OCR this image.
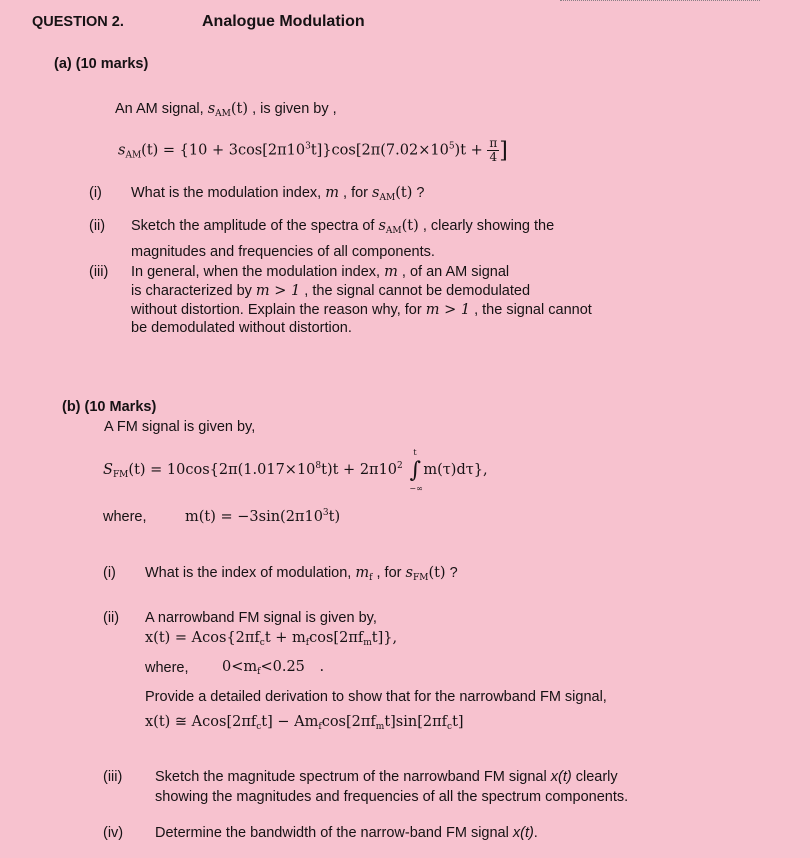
QUESTION 2.	Analogue Modulation
(a) (10 marks)
An AM signal, $s_{AM}(t)$ , is given by ,
$s_{AM}(t) = \{10 + 3\cos[2\pi 10^3t]\}\cos[2\pi(7.02\times 10^5)t + \frac{\pi}{4}$ ]
(i) What is the modulation index, m , for $s_{AM}(t)$ ?
(ii) Sketch the amplitude of the spectra of $s_{AM}(t)$ , clearly showing the
magnitudes and frequencies of all components.
(iii) In general, when the modulation index, m , of an AM signal
is characterized by m > 1 , the signal cannot be demodulated
without distortion. Explain the reason why, for m > 1 , the signal cannot
be demodulated without distortion.
(b) (10 Marks)
A FM signal is given by,
$S_{FM}(t) = 10\cos\{2\pi(1.017\times 10^8t)t + 2\pi 10^2$
t
∫
−∞
m(τ)dτ},
where,	$m(t) = -3\sin(2\pi 10^3t)$
(i) What is the index of modulation, $m_f$ , for $s_{FM}(t)$ ?
(ii) A narrowband FM signal is given by,
$x(t) = Acos\{2\pi f_ct + m_f\cos[2\pi f_mt]\}$,
where, $0<m_f<0.25$ .
Provide a detailed derivation to show that for the narrowband FM signal,
x(t) ≅ $Acos[2\pi f_ct] - Am_f\cos[2\pi f_mt]\sin[2\pi f_ct]$
(iii) Sketch the magnitude spectrum of the narrowband FM signal x(t) clearly
showing the magnitudes and frequencies of all the spectrum components.
(iv) Determine the bandwidth of the narrow-band FM signal x(t).
